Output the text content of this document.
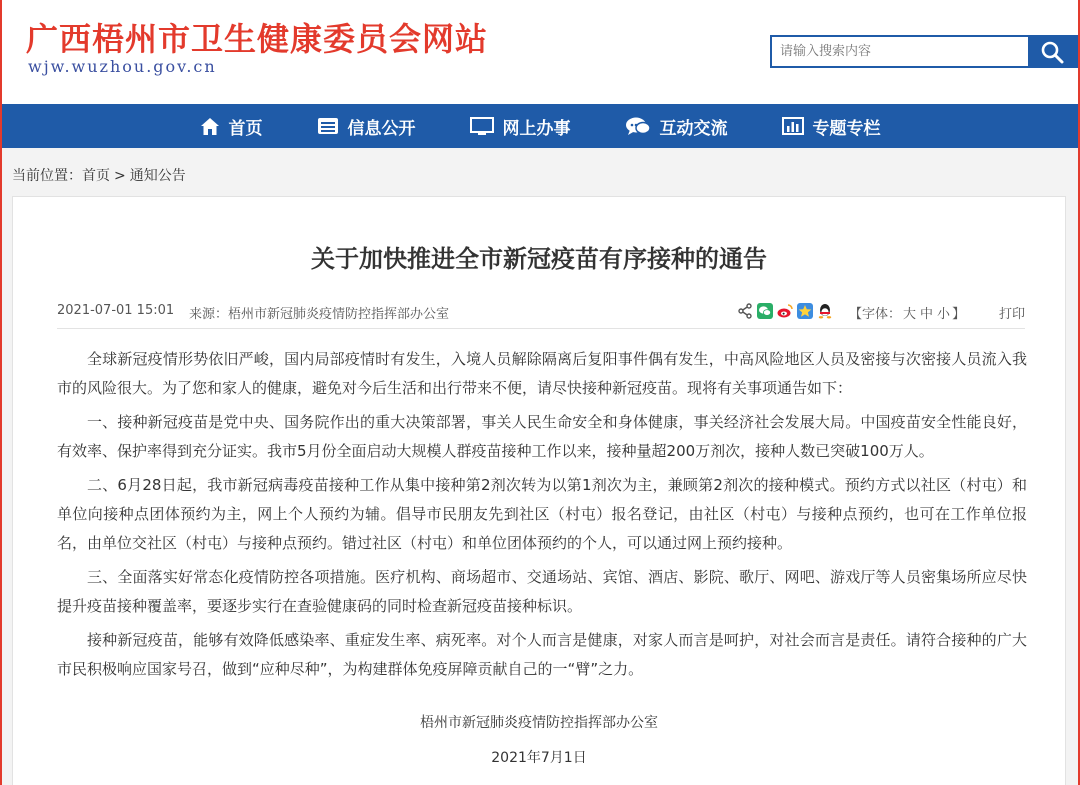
广西梧州市卫生健康委员会网站
wjw.wuzhou.gov.cn
请输入搜索内容
首页	信息公开	网上办事	互动交流	专题专栏
当前位置：首页 > 通知公告
关于加快推进全市新冠疫苗有序接种的通告
2021-07-01 15:01 来源：梧州市新冠肺炎疫情防控指挥部办公室	【字体： 大 中 小 】	打印

全球新冠疫情形势依旧严峻，国内局部疫情时有发生，入境人员解除隔离后复阳事件偶有发生，中高风险地区人员及密接与次密接人员流入我市的风险很大。为了您和家人的健康，避免对今后生活和出行带来不便，请尽快接种新冠疫苗。现将有关事项通告如下：

一、接种新冠疫苗是党中央、国务院作出的重大决策部署，事关人民生命安全和身体健康，事关经济社会发展大局。中国疫苗安全性能良好，有效率、保护率得到充分证实。我市5月份全面启动大规模人群疫苗接种工作以来，接种量超200万剂次，接种人数已突破100万人。

二、6月28日起，我市新冠病毒疫苗接种工作从集中接种第2剂次转为以第1剂次为主，兼顾第2剂次的接种模式。预约方式以社区（村屯）和单位向接种点团体预约为主，网上个人预约为辅。倡导市民朋友先到社区（村屯）报名登记，由社区（村屯）与接种点预约，也可在工作单位报名，由单位交社区（村屯）与接种点预约。错过社区（村屯）和单位团体预约的个人，可以通过网上预约接种。

三、全面落实好常态化疫情防控各项措施。医疗机构、商场超市、交通场站、宾馆、酒店、影院、歌厅、网吧、游戏厅等人员密集场所应尽快提升疫苗接种覆盖率，要逐步实行在查验健康码的同时检查新冠疫苗接种标识。

接种新冠疫苗，能够有效降低感染率、重症发生率、病死率。对个人而言是健康，对家人而言是呵护，对社会而言是责任。请符合接种的广大市民积极响应国家号召，做到“应种尽种”，为构建群体免疫屏障贡献自己的一“臂”之力。

梧州市新冠肺炎疫情防控指挥部办公室
2021年7月1日
